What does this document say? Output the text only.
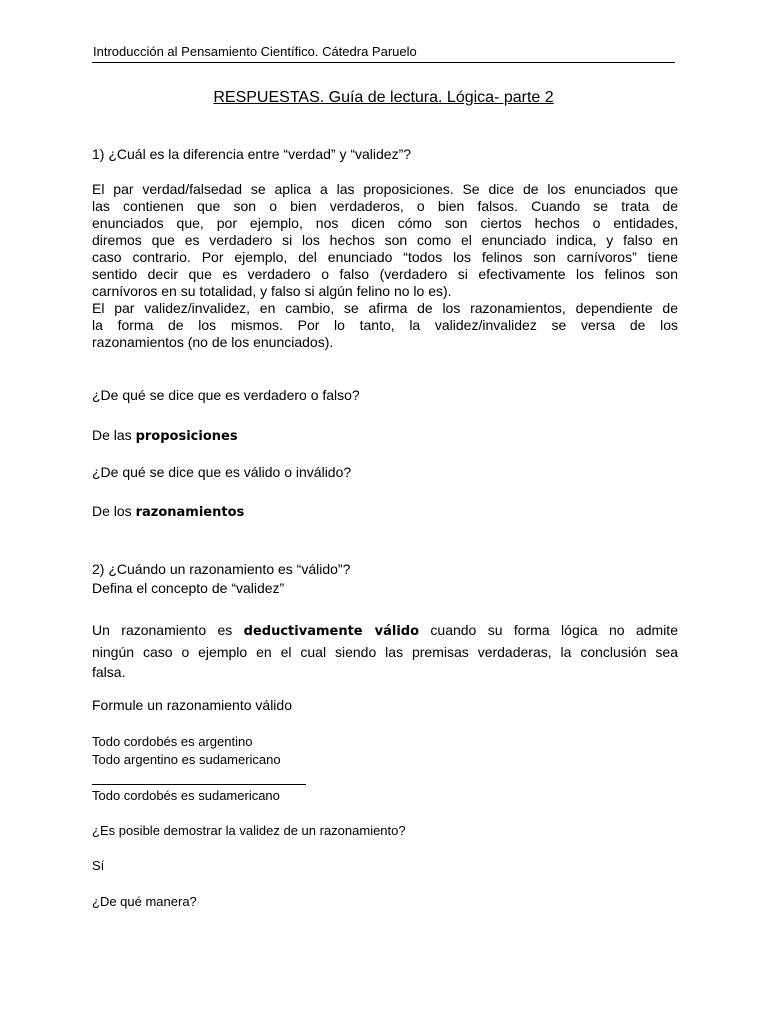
Introducción al Pensamiento Científico. Cátedra Paruelo
RESPUESTAS. Guía de lectura. Lógica- parte 2
1) ¿Cuál es la diferencia entre “verdad” y “validez”?
El par verdad/falsedad se aplica a las proposiciones. Se dice de los enunciados que
las contienen que son o bien verdaderos, o bien falsos. Cuando se trata de
enunciados que, por ejemplo, nos dicen cómo son ciertos hechos o entidades,
diremos que es verdadero si los hechos son como el enunciado indica, y falso en
caso contrario. Por ejemplo, del enunciado “todos los felinos son carnívoros” tiene
sentido decir que es verdadero o falso (verdadero si efectivamente los felinos son
carnívoros en su totalidad, y falso si algún felino no lo es).
El par validez/invalidez, en cambio, se afirma de los razonamientos, dependiente de
la forma de los mismos. Por lo tanto, la validez/invalidez se versa de los
razonamientos (no de los enunciados).
¿De qué se dice que es verdadero o falso?
De las proposiciones
¿De qué se dice que es válido o inválido?
De los razonamientos
2) ¿Cuándo un razonamiento es “válido”?
Defina el concepto de “validez”
Un razonamiento es deductivamente válido cuando su forma lógica no admite
ningún caso o ejemplo en el cual siendo las premisas verdaderas, la conclusión sea
falsa.
Formule un razonamiento válido
Todo cordobés es argentino
Todo argentino es sudamericano
Todo cordobés es sudamericano
¿Es posible demostrar la validez de un razonamiento?
Sí
¿De qué manera?
